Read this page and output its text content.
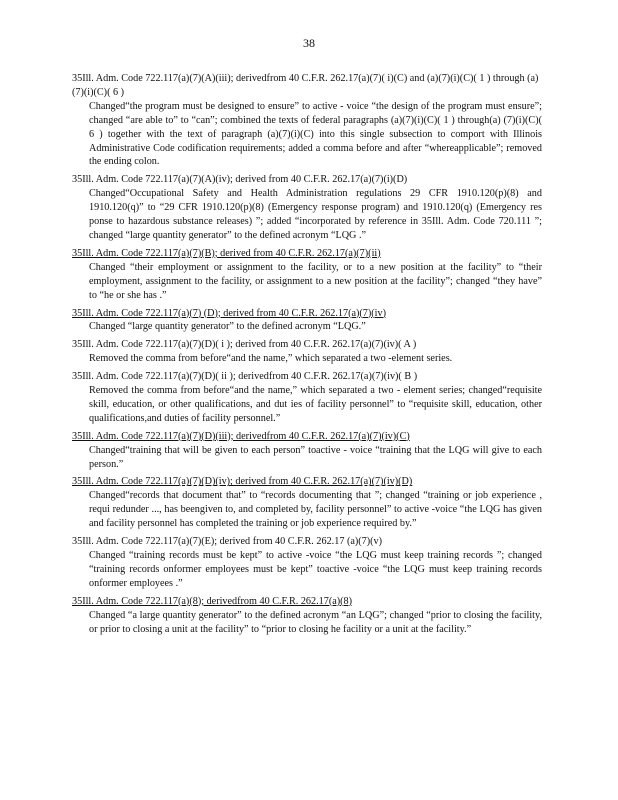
38

35Ill. Adm. Code 722.117(a)(7)(A)(iii); derivedfrom 40 C.F.R. 262.17(a)(7)( i)(C) and (a)(7)(i)(C)( 1 ) through (a)(7)(i)(C)( 6 )

Changed“the program must be designed to ensure” to active - voice “the design of the program must ensure”; changed “are able to” to “can”; combined the texts of federal paragraphs (a)(7)(i)(C)( 1 ) through(a) (7)(i)(C)( 6 ) together with the text of paragraph (a)(7)(i)(C) into this single subsection to comport with Illinois Administrative Code codification requirements; added a comma before and after “whereapplicable”; removed the ending colon.

35Ill. Adm. Code 722.117(a)(7)(A)(iv); derived from 40 C.F.R. 262.17(a)(7)(i)(D)

Changed“Occupational Safety and Health Administration regulations 29 CFR 1910.120(p)(8) and 1910.120(q)” to “29 CFR 1910.120(p)(8) (Emergency response program) and 1910.120(q) (Emergency res ponse to hazardous substance releases) ”; added “incorporated by reference in 35Ill. Adm. Code 720.111 ”; changed “large quantity generator” to the defined acronym “LQG .”

35Ill. Adm. Code 722.117(a)(7)(B); derived from 40 C.F.R. 262.17(a)(7)(ii)

Changed “their employment or assignment to the facility, or to a new position at the facility” to “their employment, assignment to the facility, or assignment to a new position at the facility”; changed “they have” to “he or she has .”

35Ill. Adm. Code 722.117(a)(7) (D); derived from 40 C.F.R. 262.17(a)(7)(iv)

Changed “large quantity generator” to the defined acronym “LQG.”

35Ill. Adm. Code 722.117(a)(7)(D)( i ); derived from 40 C.F.R. 262.17(a)(7)(iv)( A )

Removed the comma from before“and the name,” which separated a two -element series.

35Ill. Adm. Code 722.117(a)(7)(D)( ii ); derivedfrom 40 C.F.R. 262.17(a)(7)(iv)( B )

Removed the comma from before“and the name,” which separated a two - element series; changed“requisite skill, education, or other qualifications, and dut ies of facility personnel” to “requisite skill, education, other qualifications,and duties of facility personnel.”

35Ill. Adm. Code 722.117(a)(7)(D)(iii); derivedfrom 40 C.F.R. 262.17(a)(7)(iv)(C)

Changed“training that will be given to each person” toactive - voice “training that the LQG will give to each person.”

35Ill. Adm. Code 722.117(a)(7)(D)(iv); derived from 40 C.F.R. 262.17(a)(7)(iv)(D)

Changed“records that document that” to “records documenting that ”; changed “training or job experience , requi redunder ..., has beengiven to, and completed by, facility personnel” to active -voice “the LQG has given and facility personnel has completed the training or job experience required by.”

35Ill. Adm. Code 722.117(a)(7)(E); derived from 40 C.F.R. 262.17 (a)(7)(v)

Changed “training records must be kept” to active -voice “the LQG must keep training records ”; changed “training records onformer employees must be kept” toactive -voice “the LQG must keep training records onformer employees .”

35Ill. Adm. Code 722.117(a)(8); derivedfrom 40 C.F.R. 262.17(a)(8)

Changed “a large quantity generator” to the defined acronym “an LQG”; changed “prior to closing the facility, or prior to closing a unit at the facility” to “prior to closing he facility or a unit at the facility.”
